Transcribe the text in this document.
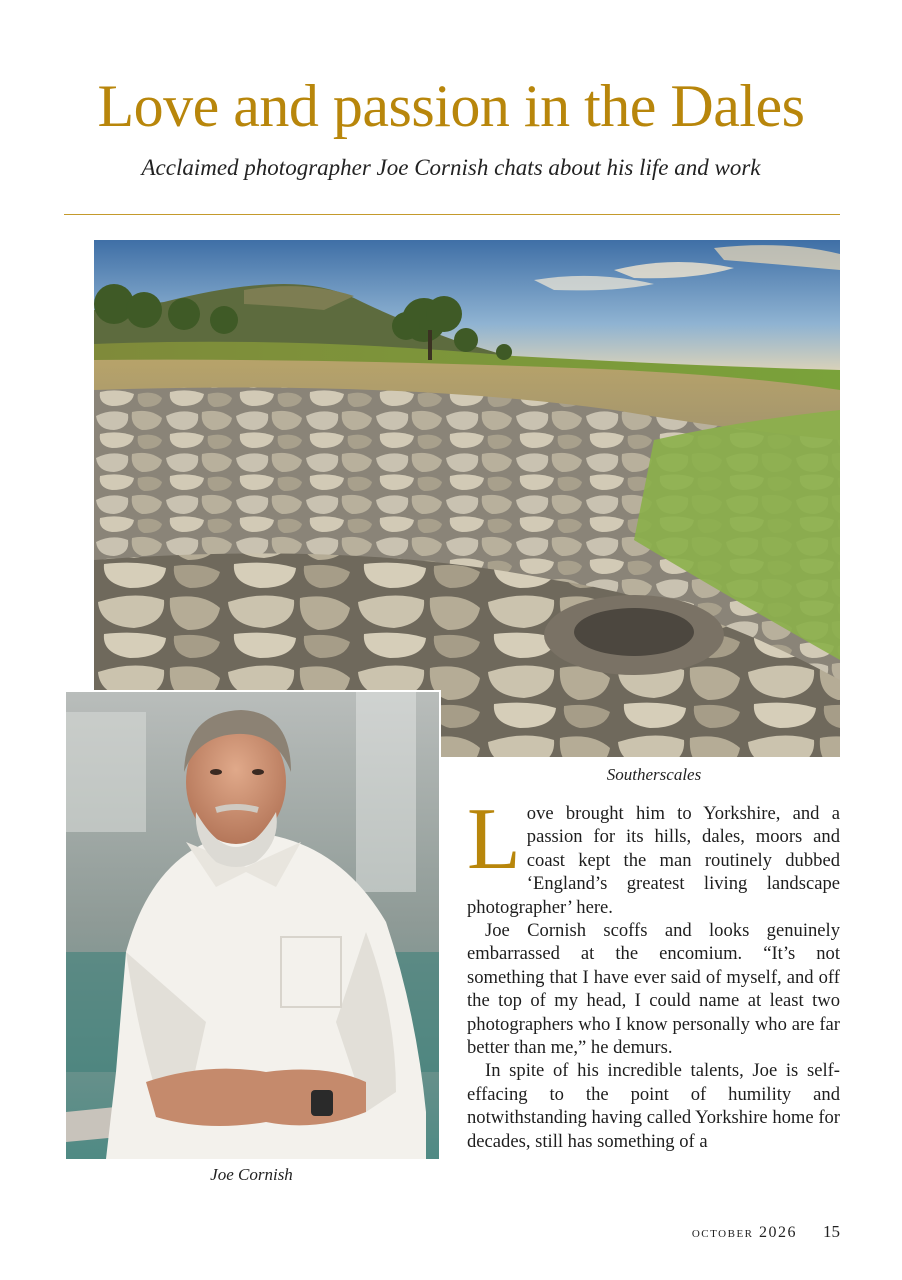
Love and passion in the Dales
Acclaimed photographer Joe Cornish chats about his life and work
Southerscales
Joe Cornish

Love brought him to Yorkshire, and a passion for its hills, dales, moors and coast kept the man routinely dubbed ‘England’s greatest living landscape photographer’ here.

Joe Cornish scoffs and looks genuinely embarrassed at the encomium. “It’s not something that I have ever said of myself, and off the top of my head, I could name at least two photographers who I know personally who are far better than me,” he demurs.

In spite of his incredible talents, Joe is self-effacing to the point of humility and notwithstanding having called Yorkshire home for decades, still has something of a

october 2026 15
